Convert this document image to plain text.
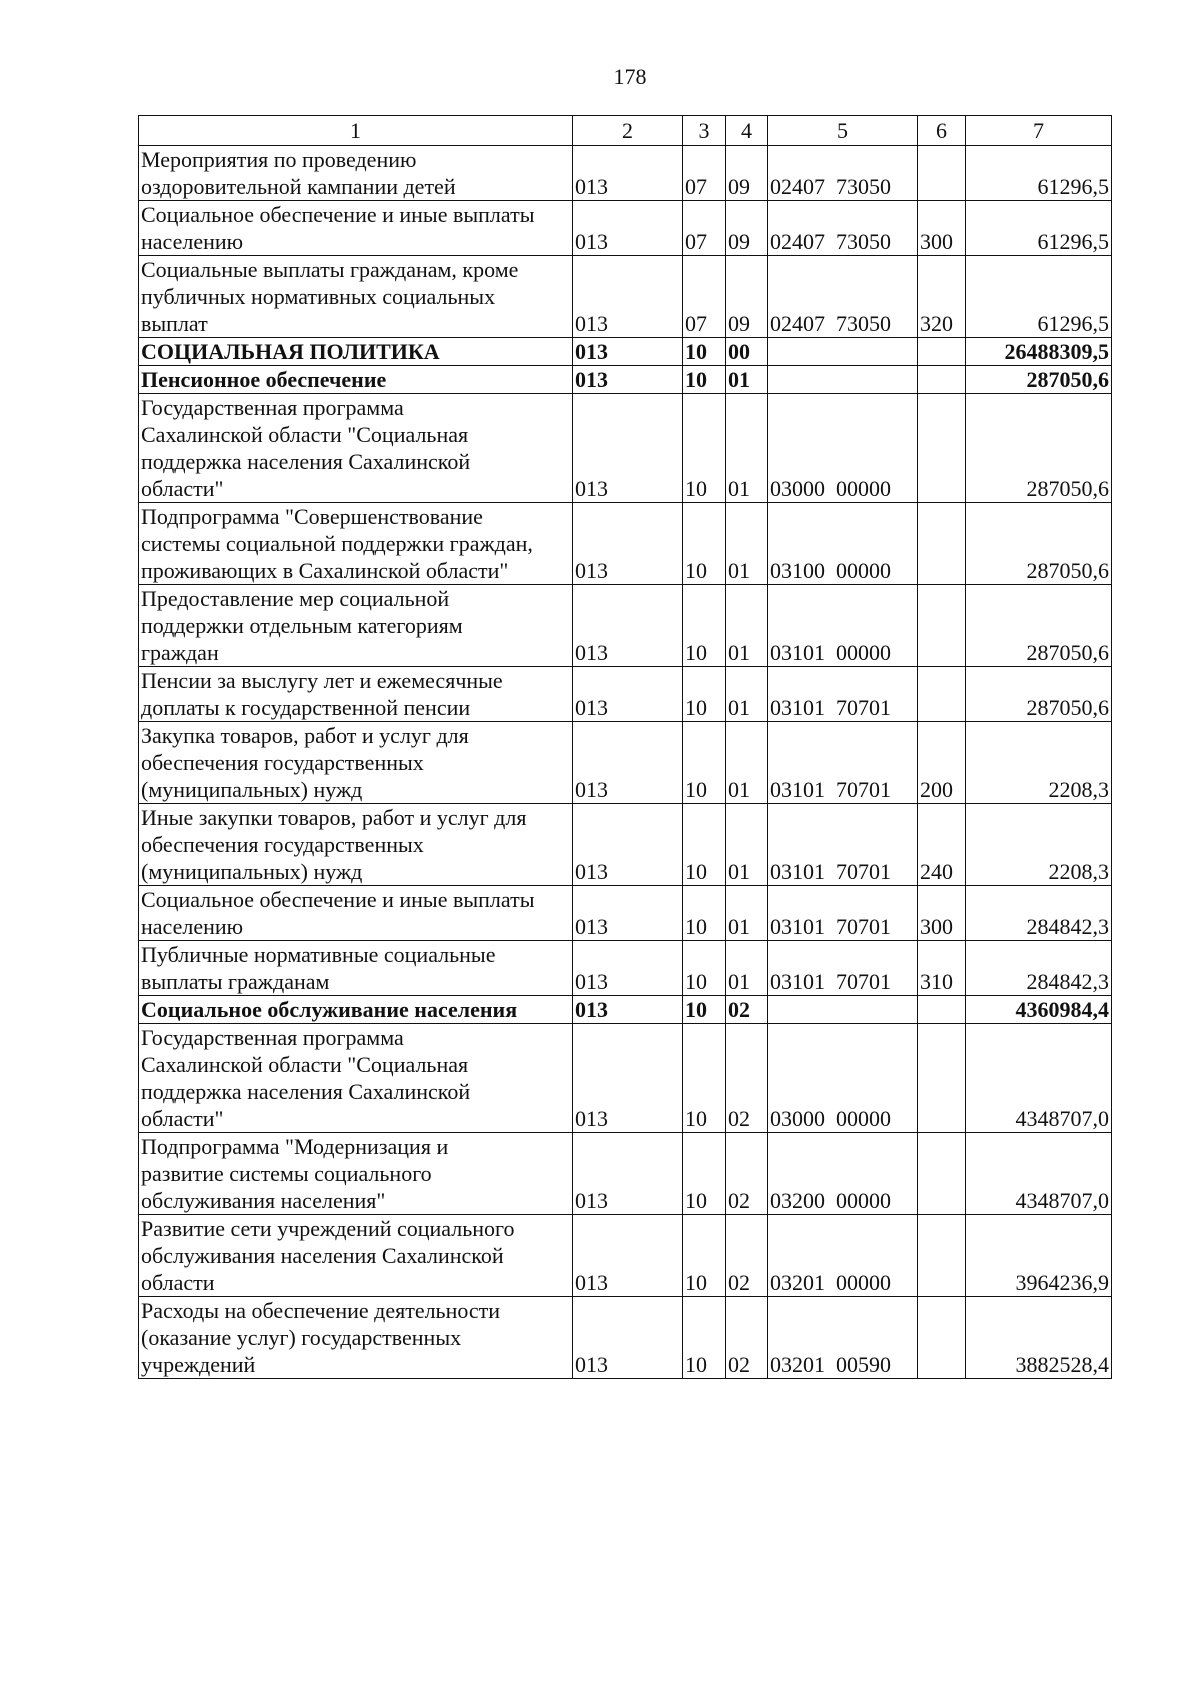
178
1	2	3	4	5	6	7
Мероприятия по проведению
оздоровительной кампании детей	013	07	09	02407  73050		61296,5
Социальное обеспечение и иные выплаты
населению	013	07	09	02407  73050	300	61296,5
Социальные выплаты гражданам, кроме
публичных нормативных социальных
выплат	013	07	09	02407  73050	320	61296,5
СОЦИАЛЬНАЯ ПОЛИТИКА	013	10	00			26488309,5
Пенсионное обеспечение	013	10	01			287050,6
Государственная программа
Сахалинской области "Социальная
поддержка населения Сахалинской
области"	013	10	01	03000  00000		287050,6
Подпрограмма "Совершенствование
системы социальной поддержки граждан,
проживающих в Сахалинской области"	013	10	01	03100  00000		287050,6
Предоставление мер социальной
поддержки отдельным категориям
граждан	013	10	01	03101  00000		287050,6
Пенсии за выслугу лет и ежемесячные
доплаты к государственной пенсии	013	10	01	03101  70701		287050,6
Закупка товаров, работ и услуг для
обеспечения государственных
(муниципальных) нужд	013	10	01	03101  70701	200	2208,3
Иные закупки товаров, работ и услуг для
обеспечения государственных
(муниципальных) нужд	013	10	01	03101  70701	240	2208,3
Социальное обеспечение и иные выплаты
населению	013	10	01	03101  70701	300	284842,3
Публичные нормативные социальные
выплаты гражданам	013	10	01	03101  70701	310	284842,3
Социальное обслуживание населения	013	10	02			4360984,4
Государственная программа
Сахалинской области "Социальная
поддержка населения Сахалинской
области"	013	10	02	03000  00000		4348707,0
Подпрограмма "Модернизация и
развитие системы социального
обслуживания населения"	013	10	02	03200  00000		4348707,0
Развитие сети учреждений социального
обслуживания населения Сахалинской
области	013	10	02	03201  00000		3964236,9
Расходы на обеспечение деятельности
(оказание услуг) государственных
учреждений	013	10	02	03201  00590		3882528,4
